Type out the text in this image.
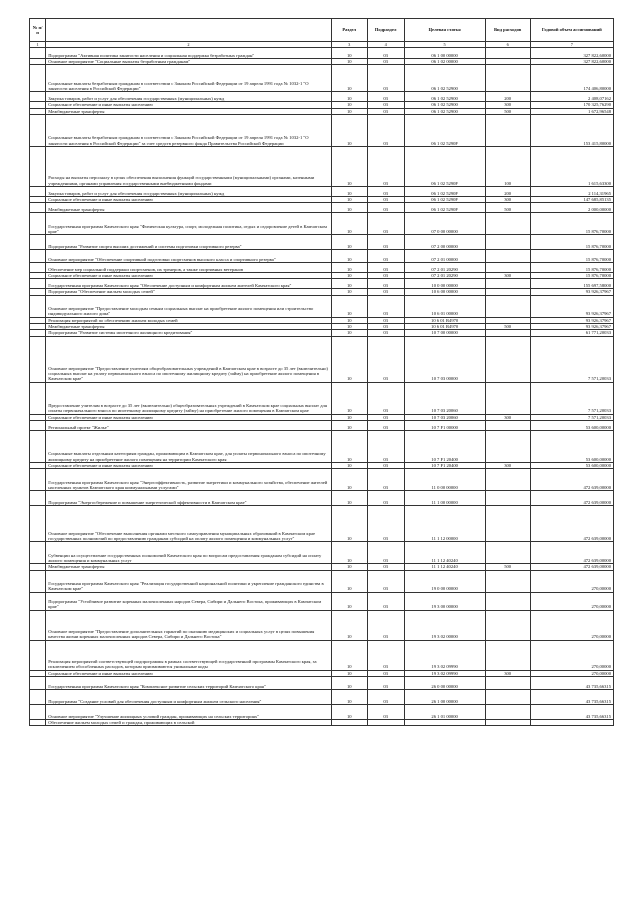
№ п/п		Раздел	Подраздел	Целевая статья	Вид расходов	Годовой объем ассигнований
1	2	3	4	5	6	7
	Подпрограмма "Активная политика занятости населения и социальная поддержка безработных граждан"	10	03	06 1 00 00000		327 822,60000
	Основное мероприятие "Социальные выплаты безработным гражданам"	10	03	06 1 02 00000		327 822,60000
	Социальные выплаты безработным гражданам в соответствии с Законом Российской Федерации от 19 апреля 1991 года № 1032-1 "О занятости населения в Российской Федерации"	10	03	06 1 02 52900		174 406,80000
	Закупка товаров, работ и услуг для обеспечения государственных (муниципальных) нужд	10	03	06 1 02 52900	200	2 408,07162
	Социальное обеспечение и иные выплаты населению	10	03	06 1 02 52900	300	170 325,76290
	Межбюджетные трансферты	10	03	06 1 02 52900	500	1 672,96548
	Социальные выплаты безработным гражданам в соответствии с Законом Российской Федерации от 19 апреля 1991 года № 1032-1 "О занятости населения в Российской Федерации" за счет средств резервного фонда Правительства Российской Федерации	10	03	06 1 02 5290F		153 415,80000
	Расходы на выплаты персоналу в целях обеспечения выполнения функций государственными (муниципальными) органами, казенными учреждениями, органами управления государственными внебюджетными фондами	10	03	06 1 02 5290F	100	1 615,63300
	Закупка товаров, работ и услуг для обеспечения государственных (муниципальных) нужд	10	03	06 1 02 5290F	200	2 114,31965
	Социальное обеспечение и иные выплаты населению	10	03	06 1 02 5290F	300	147 685,85135
	Межбюджетные трансферты	10	03	06 1 02 5290F	500	2 000,00000
	Государственная программа Камчатского края "Физическая культура, спорт, молодежная политика, отдых и оздоровление детей в Камчатском крае"	10	03	07 0 00 00000		15 876,70000
	Подпрограмма "Развитие спорта высших достижений и системы подготовки спортивного резерва"	10	03	07 2 00 00000		15 876,70000
	Основное мероприятие "Обеспечение спортивной подготовки спортсменов высокого класса и спортивного резерва"	10	03	07 2 01 00000		15 876,70000
	Обеспечение мер социальной поддержки спортсменов, их тренеров, а также спортивных ветеранов	10	03	07 2 01 20290		15 876,70000
	Социальное обеспечение и иные выплаты населению	10	03	07 2 01 20290	300	15 876,70000
	Государственная программа Камчатского края "Обеспечение доступным и комфортным жильем жителей Камчатского края"	10	03	10 0 00 00000		155 697,58000
	Подпрограмма "Обеспечение жильем молодых семей"	10	03	10 6 00 00000		93 926,37967
	Основное мероприятие "Предоставление молодым семьям социальных выплат на приобретение жилого помещения или строительство индивидуального жилого дома"	10	03	10 6 01 00000		93 926,37967
	Реализация мероприятий по обеспечению жильем молодых семей	10	03	10 6 01 R4970		93 926,37967
	Межбюджетные трансферты	10	03	10 6 01 R4970	500	93 926,37967
	Подпрограмма "Развитие системы ипотечного жилищного кредитования"	10	03	10 7 00 00000		61 771,20033
	Основное мероприятие "Предоставление учителям общеобразовательных учреждений в Камчатском крае в возрасте до 35 лет (включительно) социальных выплат на уплату первоначального взноса по ипотечному жилищному кредиту (займу) на приобретение жилого помещения в Камчатском крае"	10	03	10 7 03 00000		7 571,20033
	Предоставление учителям в возрасте до 35 лет (включительно) общеобразовательных учреждений в Камчатском крае социальных выплат для оплаты первоначального взноса по ипотечному жилищному кредиту (займу) на приобретение жилого помещения в Камчатском крае	10	03	10 7 03 20060		7 571,20033
	Социальное обеспечение и иные выплаты населению	10	03	10 7 03 20060	300	7 571,20033
	Региональный проект "Жилье"	10	03	10 7 F1 00000		53 600,00000
	Социальные выплаты отдельным категориям граждан, проживающим в Камчатском крае, для уплаты первоначального взноса по ипотечному жилищному кредиту на приобретение жилого помещения на территории Камчатского края	10	03	10 7 F1 20400		53 600,00000
	Социальное обеспечение и иные выплаты населению	10	03	10 7 F1 20400	300	53 600,00000
	Государственная программа Камчатского края "Энергоэффективность, развитие энергетики и коммунального хозяйства, обеспечение жителей населенных пунктов Камчатского края коммунальными услугами"	10	03	11 0 00 00000		472 639,00000
	Подпрограмма "Энергосбережение и повышение энергетической эффективности в Камчатском крае"	10	03	11 1 00 00000		472 639,00000
	Основное мероприятие "Обеспечение выполнения органами местного самоуправления муниципальных образований в Камчатском крае государственных полномочий по предоставлению гражданам субсидий на оплату жилого помещения и коммунальных услуг"	10	03	11 1 12 00000		472 639,00000
	Субвенции на осуществление государственных полномочий Камчатского края по вопросам предоставления гражданам субсидий на оплату жилого помещения и коммунальных услуг	10	03	11 1 12 40240		472 639,00000
	Межбюджетные трансферты	10	03	11 1 12 40240	500	472 639,00000
	Государственная программа Камчатского края "Реализация государственной национальной политики и укрепление гражданского единства в Камчатском крае"	10	03	19 0 00 00000		270,00000
	Подпрограмма "Устойчивое развитие коренных малочисленных народов Севера, Сибири и Дальнего Востока, проживающих в Камчатском крае"	10	03	19 3 00 00000		270,00000
	Основное мероприятие "Предоставление дополнительных гарантий по оказанию медицинских и социальных услуг в целях повышения качества жизни коренных малочисленных народов Севера, Сибири и Дальнего Востока"	10	03	19 3 02 00000		270,00000
	Реализация мероприятий соответствующей подпрограммы в рамках соответствующей государственной программы Камчатского края, за исключением обособленных расходов, которым присваиваются уникальные коды	10	03	19 3 02 09990		270,00000
	Социальное обеспечение и иные выплаты населению	10	03	19 3 02 09990	300	270,00000
	Государственная программа Камчатского края "Комплексное развитие сельских территорий Камчатского края"	10	03	26 0 00 00000		43 735,66315
	Подпрограмма "Создание условий для обеспечения доступным и комфортным жильем сельского населения"	10	03	26 1 00 00000		43 735,66315
	Основное мероприятие "Улучшение жилищных условий граждан, проживающих на сельских территориях"	10	03	26 1 01 00000		43 735,66315
	Обеспечение жильем молодых семей и граждан, проживающих в сельской					
